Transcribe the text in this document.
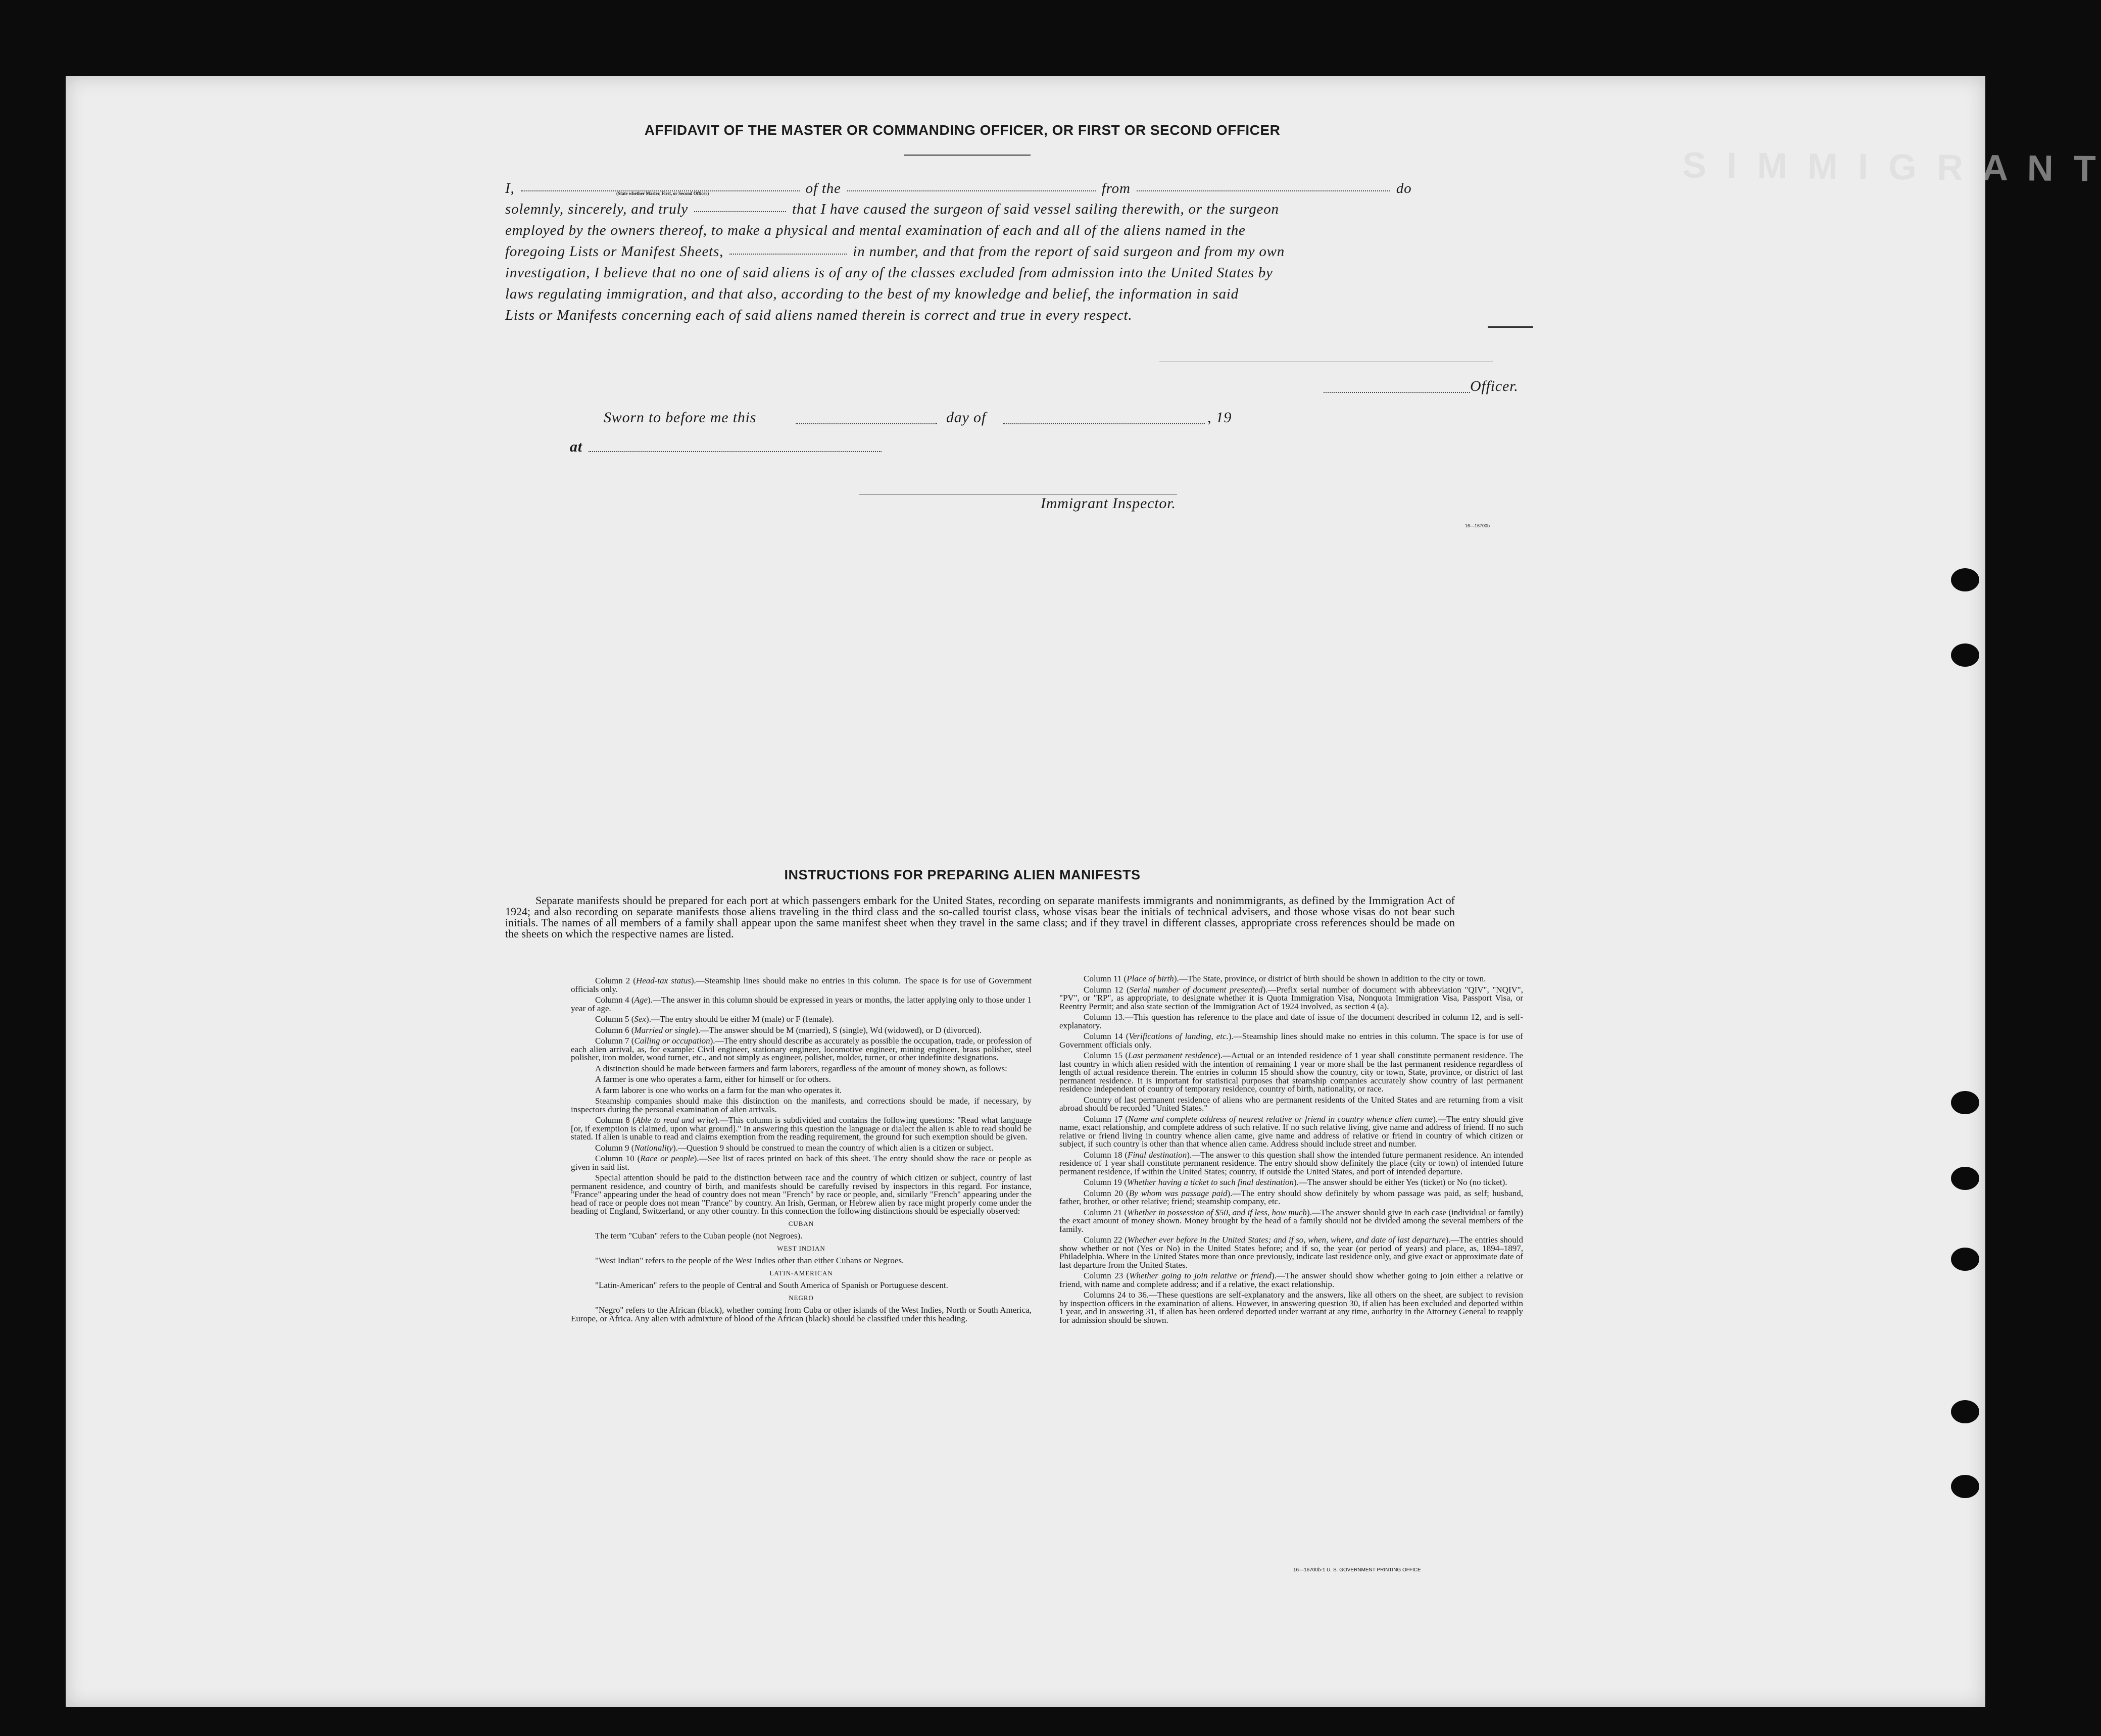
S I M M I G R A N T
AFFIDAVIT OF THE MASTER OR COMMANDING OFFICER, OR FIRST OR SECOND OFFICER
I,	of the	from	do
(State whether Master, First, or Second Officer)
solemnly, sincerely, and truly	that I have caused the surgeon of said vessel sailing therewith, or the surgeon
employed by the owners thereof, to make a physical and mental examination of each and all of the aliens named in the
foregoing Lists or Manifest Sheets,	in number, and that from the report of said surgeon and from my own
investigation, I believe that no one of said aliens is of any of the classes excluded from admission into the United States by
laws regulating immigration, and that also, according to the best of my knowledge and belief, the information in said
Lists or Manifests concerning each of said aliens named therein is correct and true in every respect.
Officer.
Sworn to before me this	day of	, 19
at
Immigrant Inspector.
16—16700b
INSTRUCTIONS FOR PREPARING ALIEN MANIFESTS
Separate manifests should be prepared for each port at which passengers embark for the United States, recording on separate manifests immigrants and nonimmigrants, as defined by the Immigration Act of 1924; and also recording on separate manifests those aliens traveling in the third class and the so-called tourist class, whose visas bear the initials of technical advisers, and those whose visas do not bear such initials. The names of all members of a family shall appear upon the same manifest sheet when they travel in the same class; and if they travel in different classes, appropriate cross references should be made on the sheets on which the respective names are listed.

Column 2 (Head-tax status).—Steamship lines should make no entries in this column. The space is for use of Government officials only.

Column 4 (Age).—The answer in this column should be expressed in years or months, the latter applying only to those under 1 year of age.

Column 5 (Sex).—The entry should be either M (male) or F (female).

Column 6 (Married or single).—The answer should be M (married), S (single), Wd (widowed), or D (divorced).

Column 7 (Calling or occupation).—The entry should describe as accurately as possible the occupation, trade, or profession of each alien arrival, as, for example: Civil engineer, stationary engineer, locomotive engineer, mining engineer, brass polisher, steel polisher, iron molder, wood turner, etc., and not simply as engineer, polisher, molder, turner, or other indefinite designations.

A distinction should be made between farmers and farm laborers, regardless of the amount of money shown, as follows:

A farmer is one who operates a farm, either for himself or for others.

A farm laborer is one who works on a farm for the man who operates it.

Steamship companies should make this distinction on the manifests, and corrections should be made, if necessary, by inspectors during the personal examination of alien arrivals.

Column 8 (Able to read and write).—This column is subdivided and contains the following questions: "Read what language [or, if exemption is claimed, upon what ground]." In answering this question the language or dialect the alien is able to read should be stated. If alien is unable to read and claims exemption from the reading requirement, the ground for such exemption should be given.

Column 9 (Nationality).—Question 9 should be construed to mean the country of which alien is a citizen or subject.

Column 10 (Race or people).—See list of races printed on back of this sheet. The entry should show the race or people as given in said list.

Special attention should be paid to the distinction between race and the country of which citizen or subject, country of last permanent residence, and country of birth, and manifests should be carefully revised by inspectors in this regard. For instance, "France" appearing under the head of country does not mean "French" by race or people, and, similarly "French" appearing under the head of race or people does not mean "France" by country. An Irish, German, or Hebrew alien by race might properly come under the heading of England, Switzerland, or any other country. In this connection the following distinctions should be especially observed:

CUBAN

The term "Cuban" refers to the Cuban people (not Negroes).

WEST INDIAN

"West Indian" refers to the people of the West Indies other than either Cubans or Negroes.

LATIN-AMERICAN

"Latin-American" refers to the people of Central and South America of Spanish or Portuguese descent.

NEGRO

"Negro" refers to the African (black), whether coming from Cuba or other islands of the West Indies, North or South America, Europe, or Africa. Any alien with admixture of blood of the African (black) should be classified under this heading.

Column 11 (Place of birth).—The State, province, or district of birth should be shown in addition to the city or town.

Column 12 (Serial number of document presented).—Prefix serial number of document with abbreviation "QIV", "NQIV", "PV", or "RP", as appropriate, to designate whether it is Quota Immigration Visa, Nonquota Immigration Visa, Passport Visa, or Reentry Permit; and also state section of the Immigration Act of 1924 involved, as section 4 (a).

Column 13.—This question has reference to the place and date of issue of the document described in column 12, and is self-explanatory.

Column 14 (Verifications of landing, etc.).—Steamship lines should make no entries in this column. The space is for use of Government officials only.

Column 15 (Last permanent residence).—Actual or an intended residence of 1 year shall constitute permanent residence. The last country in which alien resided with the intention of remaining 1 year or more shall be the last permanent residence regardless of length of actual residence therein. The entries in column 15 should show the country, city or town, State, province, or district of last permanent residence. It is important for statistical purposes that steamship companies accurately show country of last permanent residence independent of country of temporary residence, country of birth, nationality, or race.

Country of last permanent residence of aliens who are permanent residents of the United States and are returning from a visit abroad should be recorded "United States."

Column 17 (Name and complete address of nearest relative or friend in country whence alien came).—The entry should give name, exact relationship, and complete address of such relative. If no such relative living, give name and address of friend. If no such relative or friend living in country whence alien came, give name and address of relative or friend in country of which citizen or subject, if such country is other than that whence alien came. Address should include street and number.

Column 18 (Final destination).—The answer to this question shall show the intended future permanent residence. An intended residence of 1 year shall constitute permanent residence. The entry should show definitely the place (city or town) of intended future permanent residence, if within the United States; country, if outside the United States, and port of intended departure.

Column 19 (Whether having a ticket to such final destination).—The answer should be either Yes (ticket) or No (no ticket).

Column 20 (By whom was passage paid).—The entry should show definitely by whom passage was paid, as self; husband, father, brother, or other relative; friend; steamship company, etc.

Column 21 (Whether in possession of $50, and if less, how much).—The answer should give in each case (individual or family) the exact amount of money shown. Money brought by the head of a family should not be divided among the several members of the family.

Column 22 (Whether ever before in the United States; and if so, when, where, and date of last departure).—The entries should show whether or not (Yes or No) in the United States before; and if so, the year (or period of years) and place, as, 1894–1897, Philadelphia. Where in the United States more than once previously, indicate last residence only, and give exact or approximate date of last departure from the United States.

Column 23 (Whether going to join relative or friend).—The answer should show whether going to join either a relative or friend, with name and complete address; and if a relative, the exact relationship.

Columns 24 to 36.—These questions are self-explanatory and the answers, like all others on the sheet, are subject to revision by inspection officers in the examination of aliens. However, in answering question 30, if alien has been excluded and deported within 1 year, and in answering 31, if alien has been ordered deported under warrant at any time, authority in the Attorney General to reapply for admission should be shown.

16—16700b-1 U. S. GOVERNMENT PRINTING OFFICE
